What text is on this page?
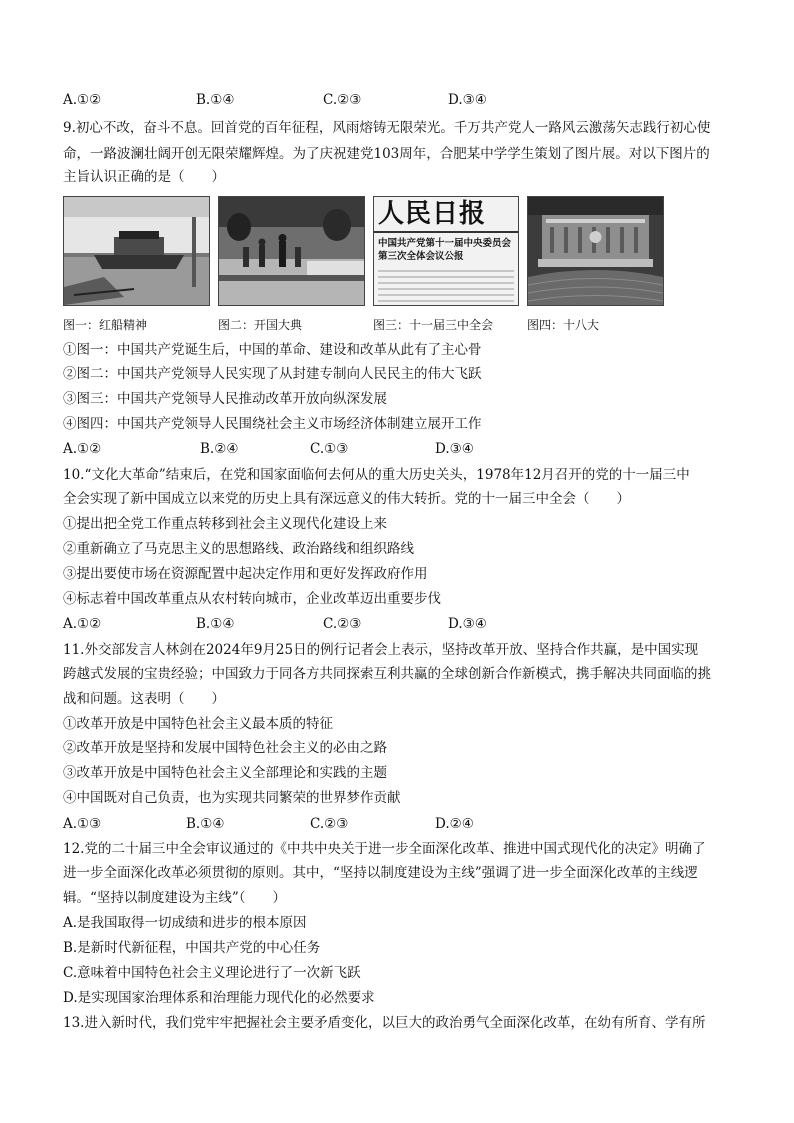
A.①②	B.①④	C.②③	D.③④
9.初心不改，奋斗不息。回首党的百年征程，风雨熔铸无限荣光。千万共产党人一路风云激荡矢志践行初心使
命，一路波澜壮阔开创无限荣耀辉煌。为了庆祝建党103周年，合肥某中学学生策划了图片展。对以下图片的
主旨认识正确的是（　　）
人民日报
中国共产党第十一届中央委员会
第三次全体会议公报
图一：红船精神	图二：开国大典	图三：十一届三中全会	图四：十八大
①图一：中国共产党诞生后，中国的革命、建设和改革从此有了主心骨
②图二：中国共产党领导人民实现了从封建专制向人民民主的伟大飞跃
③图三：中国共产党领导人民推动改革开放向纵深发展
④图四：中国共产党领导人民围绕社会主义市场经济体制建立展开工作
A.①②	B.②④	C.①③	D.③④
10.“文化大革命”结束后，在党和国家面临何去何从的重大历史关头，1978年12月召开的党的十一届三中
全会实现了新中国成立以来党的历史上具有深远意义的伟大转折。党的十一届三中全会（　　）
①提出把全党工作重点转移到社会主义现代化建设上来
②重新确立了马克思主义的思想路线、政治路线和组织路线
③提出要使市场在资源配置中起决定作用和更好发挥政府作用
④标志着中国改革重点从农村转向城市，企业改革迈出重要步伐
A.①②	B.①④	C.②③	D.③④
11.外交部发言人林剑在2024年9月25日的例行记者会上表示，坚持改革开放、坚持合作共赢，是中国实现
跨越式发展的宝贵经验；中国致力于同各方共同探索互利共赢的全球创新合作新模式，携手解决共同面临的挑
战和问题。这表明（　　）
①改革开放是中国特色社会主义最本质的特征
②改革开放是坚持和发展中国特色社会主义的必由之路
③改革开放是中国特色社会主义全部理论和实践的主题
④中国既对自己负责，也为实现共同繁荣的世界梦作贡献
A.①③	B.①④	C.②③	D.②④
12.党的二十届三中全会审议通过的《中共中央关于进一步全面深化改革、推进中国式现代化的决定》明确了
进一步全面深化改革必须贯彻的原则。其中，“坚持以制度建设为主线”强调了进一步全面深化改革的主线逻
辑。“坚持以制度建设为主线”（　　）
A.是我国取得一切成绩和进步的根本原因
B.是新时代新征程，中国共产党的中心任务
C.意味着中国特色社会主义理论进行了一次新飞跃
D.是实现国家治理体系和治理能力现代化的必然要求
13.进入新时代，我们党牢牢把握社会主要矛盾变化，以巨大的政治勇气全面深化改革，在幼有所育、学有所
